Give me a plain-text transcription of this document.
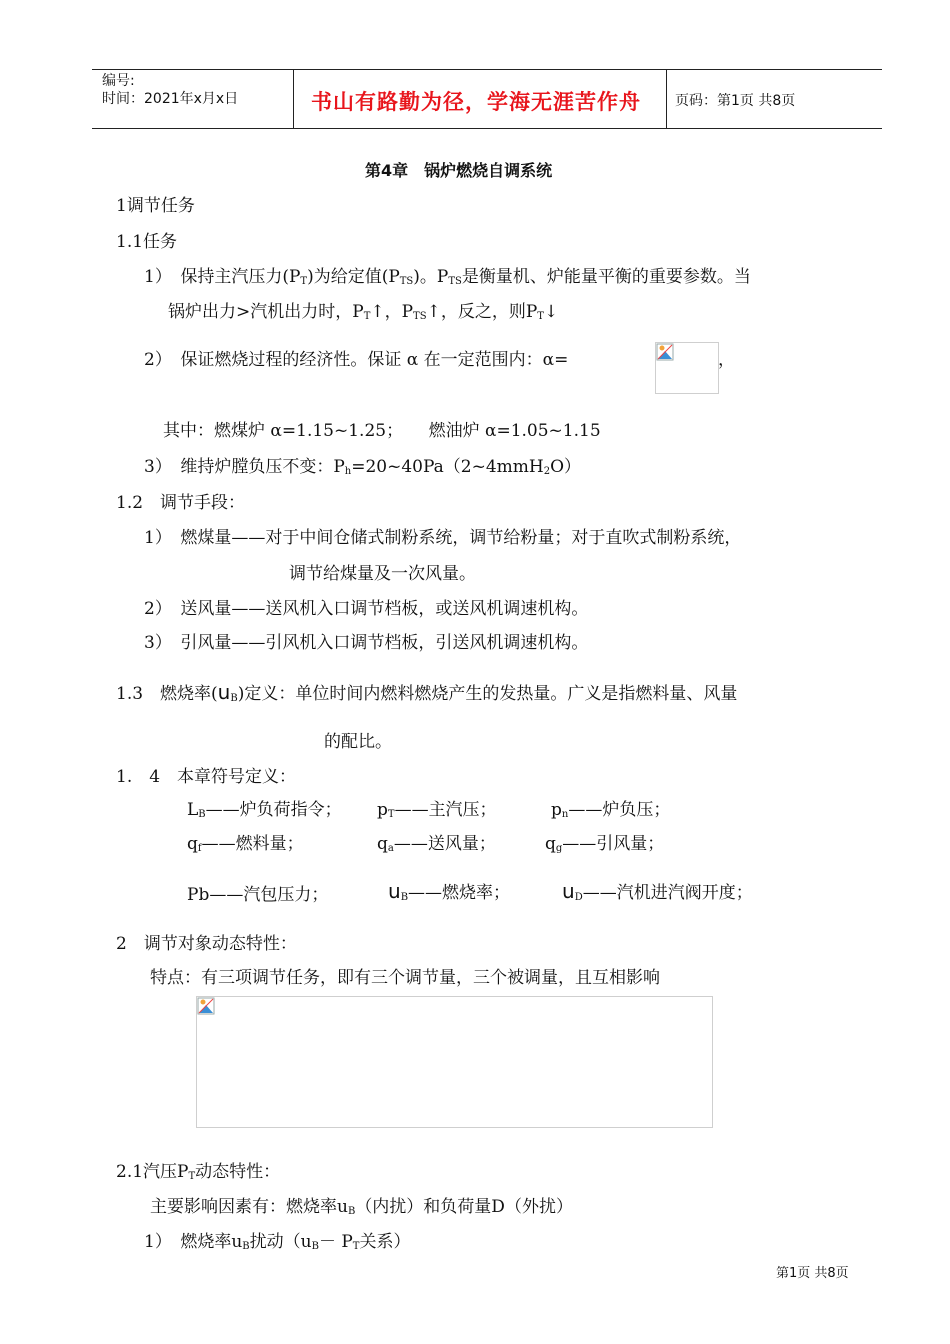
编号:
时间：2021年x月x日	书山有路勤为径，学海无涯苦作舟 页码：第1页 共8页
第4章　锅炉燃烧自调系统
1调节任务
1.1任务
1）　保持主汽压力$(P_T)$为给定值$(P_{TS})$。$P_{TS}$是衡量机、炉能量平衡的重要参数。当
锅炉出力>汽机出力时，$P_T↑$，$P_{TS}↑$，反之，则$P_T↓$
2）　保证燃烧过程的经济性。保证 α 在一定范围内：α=	，
其中：燃煤炉 α=1.15~1.25；　　燃油炉 α=1.05~1.15
3）　维持炉膛负压不变：$P_h=20\sim 40Pa(2\sim 4mmH_2O)$
1.2　调节手段：
1）　燃煤量——对于中间仓储式制粉系统，调节给粉量；对于直吹式制粉系统，
调节给煤量及一次风量。
2）　送风量——送风机入口调节档板，或送风机调速机构。
3）　引风量——引风机入口调节档板，引送风机调速机构。
1.3　燃烧率$(u_B)$定义：单位时间内燃料燃烧产生的发热量。广义是指燃料量、风量
的配比。
1.　4　本章符号定义：
$L_B——$炉负荷指令； $p_T——$主汽压；	$p_n——$炉负压；
$q_f——$燃料量；	$q_a——$送风量；	$q_g——$引风量；
Pb——汽包压力；	$u_B——$燃烧率；	$u_D——$汽机进汽阀开度；
2　调节对象动态特性：
特点：有三项调节任务，即有三个调节量，三个被调量，且互相影响
2.1汽压$P_T$动态特性：
主要影响因素有：燃烧率$u_B$（内扰）和负荷量D（外扰）
1）　燃烧率$u_B$扰动（$u_B- P_T$关系）
第1页 共8页
